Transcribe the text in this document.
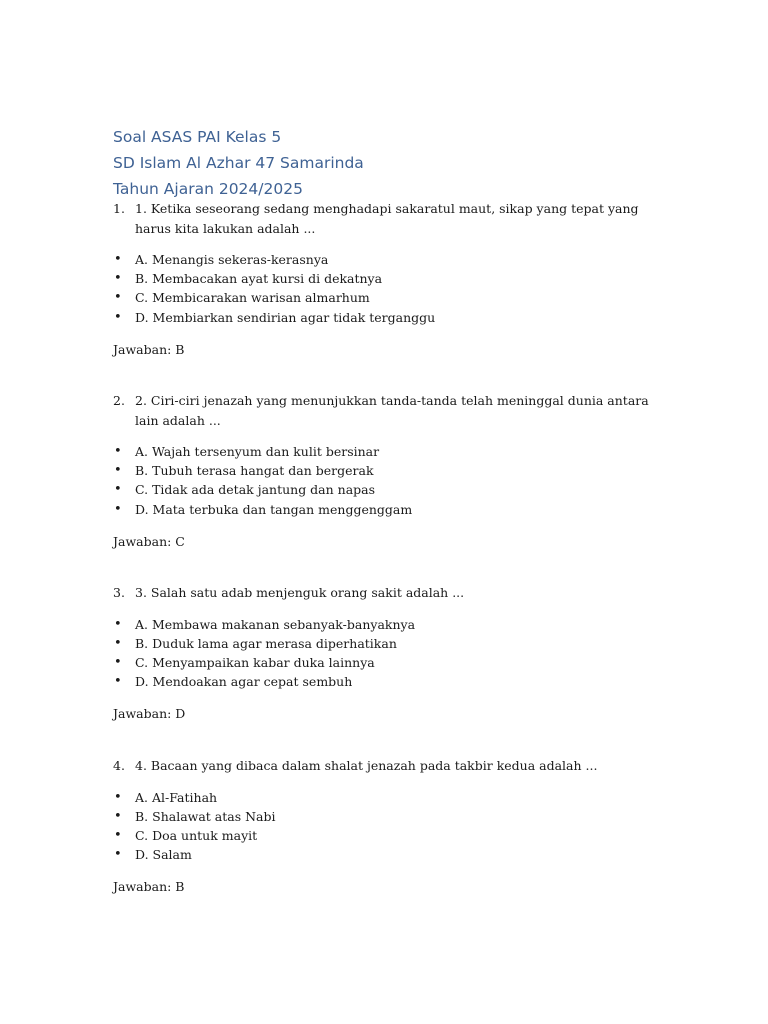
Soal ASAS PAI Kelas 5
SD Islam Al Azhar 47 Samarinda
Tahun Ajaran 2024/2025
1. 1. Ketika seseorang sedang menghadapi sakaratul maut, sikap yang tepat yang harus kita lakukan adalah ...
• A. Menangis sekeras-kerasnya
• B. Membacakan ayat kursi di dekatnya
• C. Membicarakan warisan almarhum
• D. Membiarkan sendirian agar tidak terganggu
Jawaban: B
2. 2. Ciri-ciri jenazah yang menunjukkan tanda-tanda telah meninggal dunia antara lain adalah ...
• A. Wajah tersenyum dan kulit bersinar
• B. Tubuh terasa hangat dan bergerak
• C. Tidak ada detak jantung dan napas
• D. Mata terbuka dan tangan menggenggam
Jawaban: C
3. 3. Salah satu adab menjenguk orang sakit adalah ...
• A. Membawa makanan sebanyak-banyaknya
• B. Duduk lama agar merasa diperhatikan
• C. Menyampaikan kabar duka lainnya
• D. Mendoakan agar cepat sembuh
Jawaban: D
4. 4. Bacaan yang dibaca dalam shalat jenazah pada takbir kedua adalah ...
• A. Al-Fatihah
• B. Shalawat atas Nabi
• C. Doa untuk mayit
• D. Salam
Jawaban: B
